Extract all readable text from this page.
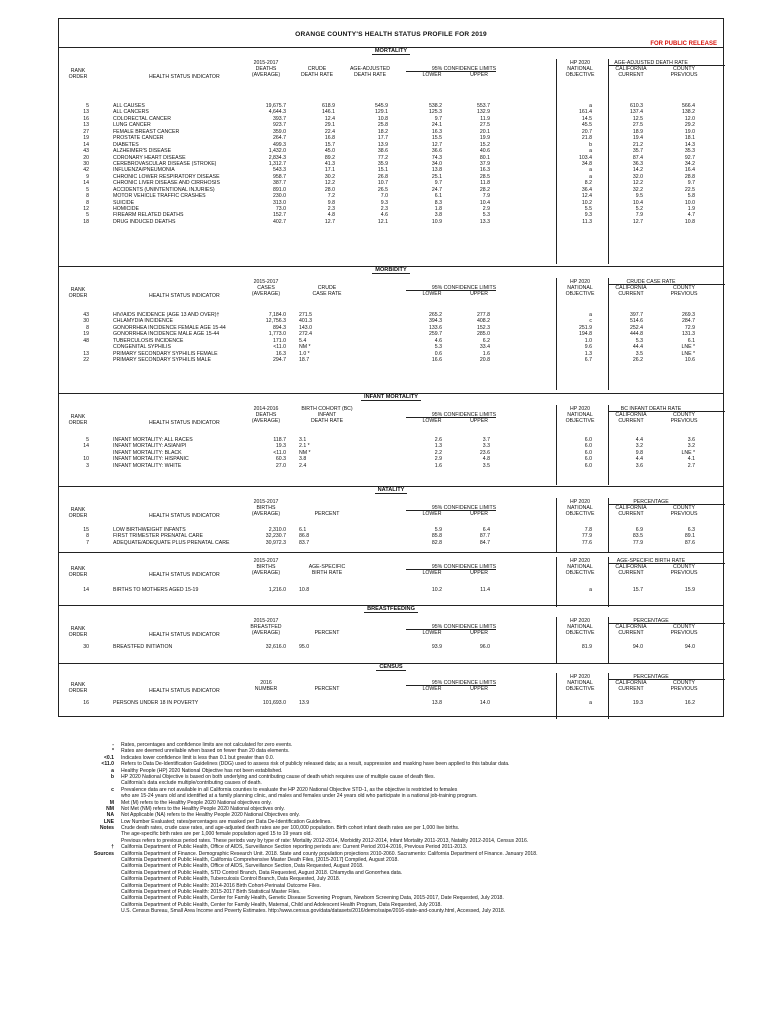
ORANGE COUNTY'S HEALTH STATUS PROFILE FOR 2019
FOR PUBLIC RELEASE
MORTALITY
RANK
ORDER	HEALTH STATUS INDICATOR
2015-2017
DEATHS
(AVERAGE)
CRUDE
DEATH RATE
AGE-ADJUSTED
DEATH RATE
95% CONFIDENCE LIMITS
LOWER	UPPER
HP 2020
NATIONAL
OBJECTIVE
AGE-ADJUSTED DEATH RATE
CALIFORNIA	COUNTY
CURRENT	PREVIOUS
5	ALL CAUSES	19,675.7	618.9	545.9	538.2	553.7	a	610.3	566.4
13	ALL CANCERS	4,644.3	146.1	129.1	125.3	132.9	161.4	137.4	138.2
16	COLORECTAL CANCER	393.7	12.4	10.8	9.7	11.9	14.5	12.5	12.0
13	LUNG CANCER	923.7	29.1	25.8	24.1	27.5	45.5	27.5	29.2
27	FEMALE BREAST CANCER	359.0	22.4	18.2	16.3	20.1	20.7	18.9	19.0
19	PROSTATE CANCER	264.7	16.8	17.7	15.5	19.9	21.8	19.4	18.1
14	DIABETES	499.3	15.7	13.9	12.7	15.2	b	21.2	14.3
43	ALZHEIMER'S DISEASE	1,432.0	45.0	38.6	36.6	40.6	a	35.7	35.3
20	CORONARY HEART DISEASE	2,834.3	89.2	77.2	74.3	80.1	103.4	87.4	92.7
30	CEREBROVASCULAR DISEASE (STROKE)	1,312.7	41.3	35.9	34.0	37.9	34.8	36.3	34.2
42	INFLUENZA/PNEUMONIA	543.3	17.1	15.1	13.8	16.3	a	14.2	16.4
9	CHRONIC LOWER RESPIRATORY DISEASE	958.7	30.2	26.8	25.1	28.5	a	32.0	28.8
14	CHRONIC LIVER DISEASE AND CIRRHOSIS	387.7	12.2	10.7	9.7	11.8	8.2	12.2	9.7
5	ACCIDENTS (UNINTENTIONAL INJURIES)	891.0	28.0	26.5	24.7	28.2	36.4	32.2	22.5
8	MOTOR VEHICLE TRAFFIC CRASHES	230.0	7.2	7.0	6.1	7.9	12.4	9.5	5.8
8	SUICIDE	313.0	9.8	9.3	8.3	10.4	10.2	10.4	10.0
12	HOMICIDE	73.0	2.3	2.3	1.8	2.9	5.5	5.2	1.9
5	FIREARM RELATED DEATHS	152.7	4.8	4.6	3.8	5.3	9.3	7.9	4.7
18	DRUG INDUCED DEATHS	402.7	12.7	12.1	10.9	13.3	11.3	12.7	10.8
MORBIDITY
RANK
ORDER	HEALTH STATUS INDICATOR
2015-2017
CASES
(AVERAGE)
CRUDE
CASE RATE
95% CONFIDENCE LIMITS
LOWER	UPPER
HP 2020
NATIONAL
OBJECTIVE
CRUDE CASE RATE
CALIFORNIA	COUNTY
CURRENT	PREVIOUS
43	HIV/AIDS INCIDENCE (AGE 13 AND OVER)†	7,184.0	271.5	265.2	277.8	a	397.7	269.3
30	CHLAMYDIA INCIDENCE	12,756.3	401.3	394.3	408.2	c	514.6	284.7
8	GONORRHEA INCIDENCE FEMALE AGE 15-44	894.3	143.0	133.6	152.3	251.9	252.4	72.9
19	GONORRHEA INCIDENCE MALE AGE 15-44	1,773.0	272.4	259.7	285.0	194.8	444.8	131.3
48	TUBERCULOSIS INCIDENCE	171.0	5.4	4.6	6.2	1.0	5.3	6.1
CONGENITAL SYPHILIS	<11.0	NM *	5.3	33.4	9.6	44.4	LNE *
13	PRIMARY SECONDARY SYPHILIS FEMALE	16.3	1.0 *	0.6	1.6	1.3	3.5	LNE *
22	PRIMARY SECONDARY SYPHILIS MALE	294.7	18.7	16.6	20.8	6.7	26.2	10.6
INFANT MORTALITY
RANK
ORDER	HEALTH STATUS INDICATOR
2014-2016
DEATHS
(AVERAGE)
BIRTH COHORT (BC)
INFANT
DEATH RATE
95% CONFIDENCE LIMITS
LOWER	UPPER
HP 2020
NATIONAL
OBJECTIVE
BC INFANT DEATH RATE
CALIFORNIA	COUNTY
CURRENT	PREVIOUS
5	INFANT MORTALITY: ALL RACES	118.7	3.1	2.6	3.7	6.0	4.4	3.6
14	INFANT MORTALITY: ASIAN/PI	19.3	2.1 *	1.3	3.3	6.0	3.2	3.2
INFANT MORTALITY: BLACK	<11.0	NM *	2.2	23.6	6.0	9.8	LNE *
10	INFANT MORTALITY: HISPANIC	60.3	3.8	2.9	4.8	6.0	4.4	4.1
3	INFANT MORTALITY: WHITE	27.0	2.4	1.6	3.5	6.0	3.6	2.7
NATALITY
RANK
ORDER	HEALTH STATUS INDICATOR
2015-2017
BIRTHS
(AVERAGE)	PERCENT
95% CONFIDENCE LIMITS
LOWER	UPPER
HP 2020
NATIONAL
OBJECTIVE
PERCENTAGE
CALIFORNIA	COUNTY
CURRENT	PREVIOUS
15	LOW BIRTHWEIGHT INFANTS	2,310.0	6.1	5.9	6.4	7.8	6.9	6.3
8	FIRST TRIMESTER PRENATAL CARE	32,230.7	86.8	85.8	87.7	77.9	83.5	89.1
7	ADEQUATE/ADEQUATE PLUS PRENATAL CARE	30,972.3	83.7	82.8	84.7	77.6	77.9	87.6
RANK
ORDER	HEALTH STATUS INDICATOR
2015-2017
BIRTHS
(AVERAGE)
AGE-SPECIFIC
BIRTH RATE
95% CONFIDENCE LIMITS
LOWER	UPPER
HP 2020
NATIONAL
OBJECTIVE
AGE-SPECIFIC BIRTH RATE
CALIFORNIA	COUNTY
CURRENT	PREVIOUS
14	BIRTHS TO MOTHERS AGED 15-19	1,216.0	10.8	10.2	11.4	a	15.7	15.9
BREASTFEEDING
RANK
ORDER	HEALTH STATUS INDICATOR
2015-2017
BREASTFED
(AVERAGE)	PERCENT
95% CONFIDENCE LIMITS
LOWER	UPPER
HP 2020
NATIONAL
OBJECTIVE
PERCENTAGE
CALIFORNIA	COUNTY
CURRENT	PREVIOUS
30	BREASTFED INITIATION	32,616.0	95.0	93.9	96.0	81.9	94.0	94.0
CENSUS
RANK
ORDER	HEALTH STATUS INDICATOR
2016
NUMBER	PERCENT
95% CONFIDENCE LIMITS
LOWER	UPPER
HP 2020
NATIONAL
OBJECTIVE
PERCENTAGE
CALIFORNIA	COUNTY
CURRENT	PREVIOUS
16	PERSONS UNDER 18 IN POVERTY	101,693.0	13.9	13.8	14.0	a	19.3	16.2
- Rates, percentages and confidence limits are not calculated for zero events.
* Rates are deemed unreliable when based on fewer than 20 data elements.
<0.1 Indicates lower confidence limit is less than 0.1 but greater than 0.0.
<11.0 Refers to Data De-Identification Guidelines (DDG) used to assess risk of publicly released data; as a result, suppression and masking have been applied to this tabular data.
a Healthy People (HP) 2020 National Objective has not been established.
b HP 2020 National Objective is based on both underlying and contributing cause of death which requires use of multiple cause of death files.
California's data exclude multiple/contributing causes of death.
c Prevalence data are not available in all California counties to evaluate the HP 2020 National Objective STD-1, as the objective is restricted to females
who are 15-24 years old and identified at a family planning clinic, and males and females under 24 years old who participate in a national job-training program.
M Met (M) refers to the Healthy People 2020 National objectives only.
NM Not Met (NM) refers to the Healthy People 2020 National objectives only.
NA Not Applicable (NA) refers to the Healthy People 2020 National Objectives only.
LNE Low Number Evaluated; rates/percentages are masked per Data De-Identification Guidelines.
Notes Crude death rates, crude case rates, and age-adjusted death rates are per 100,000 population. Birth cohort infant death rates are per 1,000 live births.
The age-specific birth rates are per 1,000 female population aged 15 to 19 years old.
Previous refers to previous period rates. These periods vary by type of rate: Mortality 2012-2014, Morbidity 2012-2014, Infant Mortality 2011-2013, Natality 2012-2014, Census 2016.
† California Department of Public Health, Office of AIDS, Surveillance Section reporting periods are: Current Period 2014-2016, Previous Period 2011-2013.
Sources California Department of Finance. Demographic Research Unit. 2018. State and county population projections 2010-2060. Sacramento: California Department of Finance. January 2018.
California Department of Public Health, California Comprehensive Master Death Files, [2015-2017] Compiled, August 2018.
California Department of Public Health, Office of AIDS, Surveillance Section, Data Requested, August 2018.
California Department of Public Health, STD Control Branch, Data Requested, August 2018. Chlamydia and Gonorrhea data.
California Department of Public Health, Tuberculosis Control Branch, Data Requested, July 2018.
California Department of Public Health: 2014-2016 Birth Cohort-Perinatal Outcome Files.
California Department of Public Health: 2015-2017 Birth Statistical Master Files.
California Department of Public Health, Center for Family Health, Genetic Disease Screening Program, Newborn Screening Data, 2015-2017, Date Requested, July 2018.
California Department of Public Health, Center for Family Health, Maternal, Child and Adolescent Health Program, Data Requested, July 2018.
U.S. Census Bureau, Small Area Income and Poverty Estimates. http://www.census.gov/data/datasets/2016/demo/saipe/2016-state-and-county.html, Accessed, July 2018.
